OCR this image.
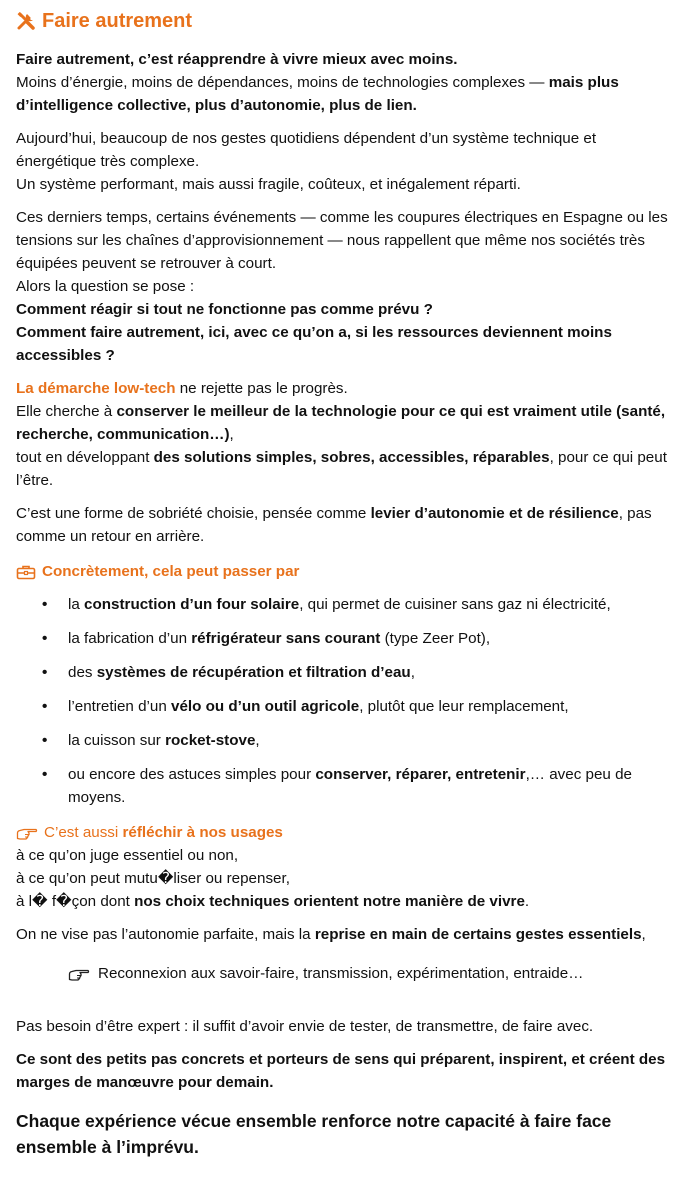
Faire autrement

Faire autrement, c’est réapprendre à vivre mieux avec moins.
Moins d’énergie, moins de dépendances, moins de technologies complexes — mais plus d’intelligence collective, plus d’autonomie, plus de lien.

Aujourd’hui, beaucoup de nos gestes quotidiens dépendent d’un système technique et énergétique très complexe.
Un système performant, mais aussi fragile, coûteux, et inégalement réparti.

Ces derniers temps, certains événements — comme les coupures électriques en Espagne ou les tensions sur les chaînes d’approvisionnement — nous rappellent que même nos sociétés très équipées peuvent se retrouver à court.
Alors la question se pose :
Comment réagir si tout ne fonctionne pas comme prévu ?
Comment faire autrement, ici, avec ce qu’on a, si les ressources deviennent moins accessibles ?

La démarche low-tech ne rejette pas le progrès.
Elle cherche à conserver le meilleur de la technologie pour ce qui est vraiment utile (santé, recherche, communication…),
tout en développant des solutions simples, sobres, accessibles, réparables, pour ce qui peut l’être.

C’est une forme de sobriété choisie, pensée comme levier d’autonomie et de résilience, pas comme un retour en arrière.

Concrètement, cela peut passer par
• la construction d’un four solaire, qui permet de cuisiner sans gaz ni électricité,
• la fabrication d’un réfrigérateur sans courant (type Zeer Pot),
• des systèmes de récupération et filtration d’eau,
• l’entretien d’un vélo ou d’un outil agricole, plutôt que leur remplacement,
• la cuisson sur rocket-stove,
• ou encore des astuces simples pour conserver, réparer, entretenir,… avec peu de moyens.
C’est aussi réfléchir à nos usages
à ce qu’on juge essentiel ou non,
à ce qu’on peut mutu�liser ou repenser,
à l� f�çon dont nos choix techniques orientent notre manière de vivre.

On ne vise pas l’autonomie parfaite, mais la reprise en main de certains gestes essentiels,

Reconnexion aux savoir-faire, transmission, expérimentation, entraide…

Pas besoin d’être expert : il suffit d’avoir envie de tester, de transmettre, de faire avec.

Ce sont des petits pas concrets et porteurs de sens qui préparent, inspirent, et créent des marges de manœuvre pour demain.

Chaque expérience vécue ensemble renforce notre capacité à faire face ensemble à l’imprévu.
